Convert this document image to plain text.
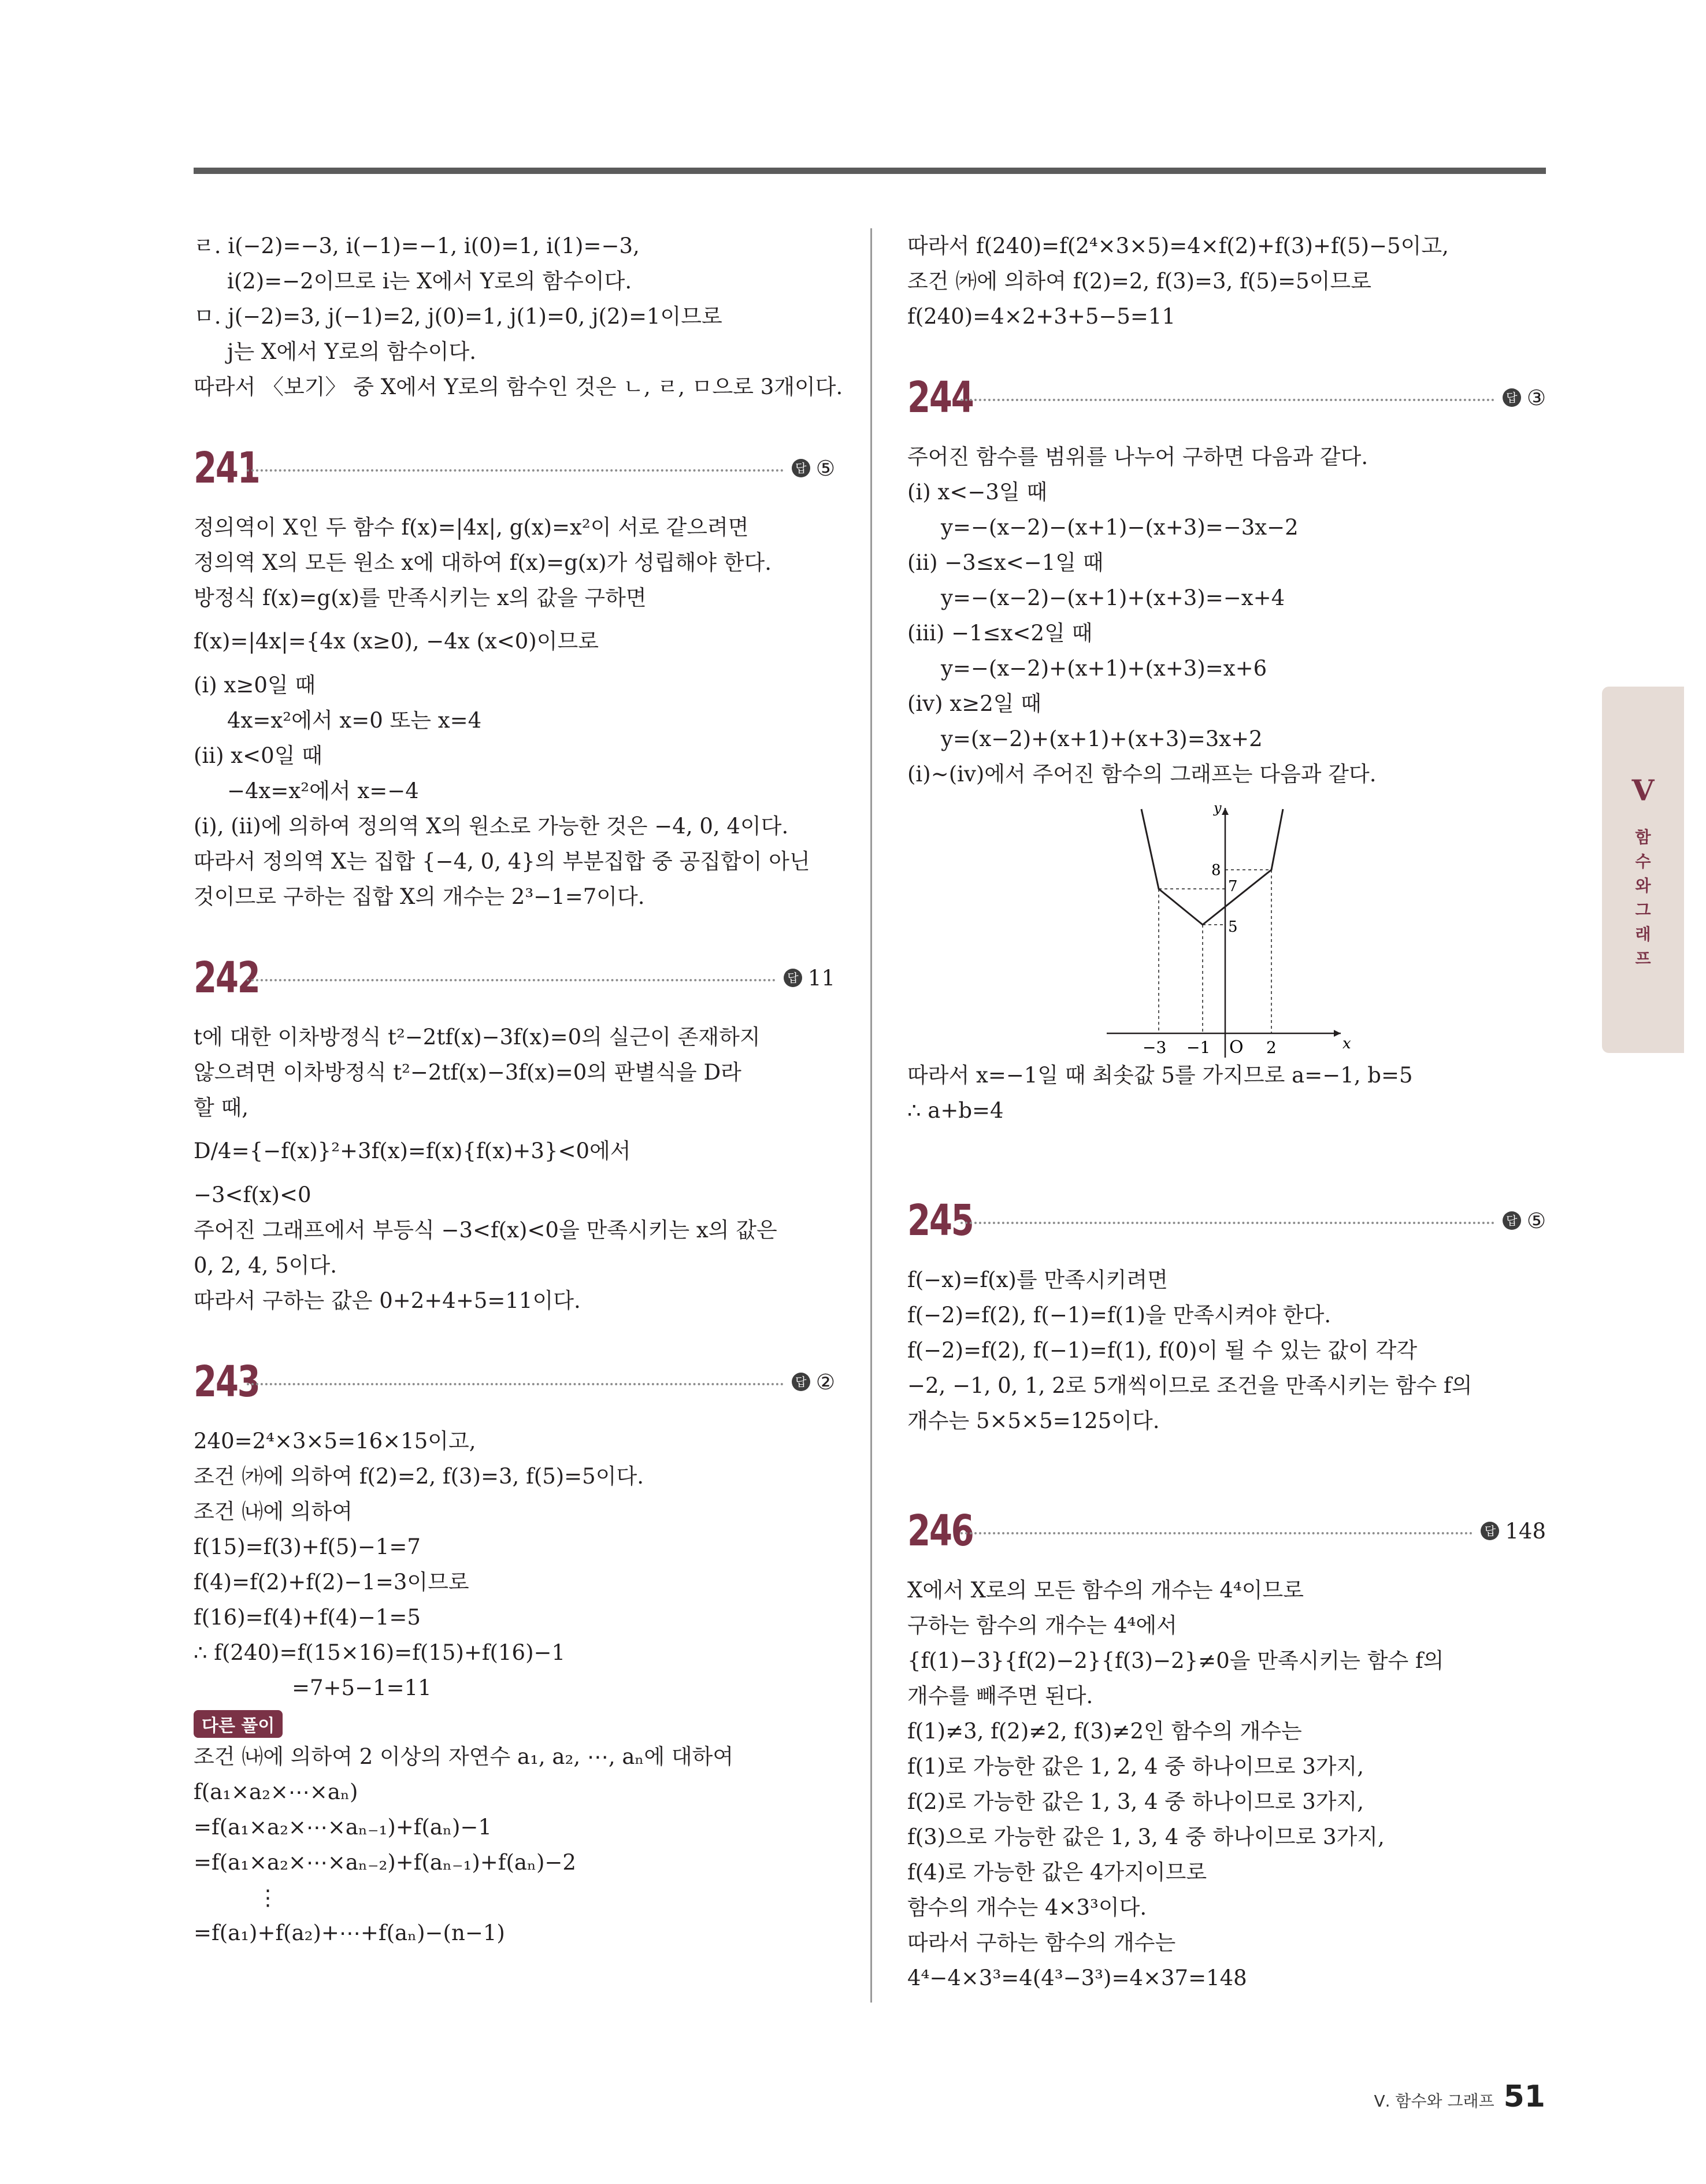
ㄹ. i(−2)=−3, i(−1)=−1, i(0)=1, i(1)=−3,
i(2)=−2이므로 i는 X에서 Y로의 함수이다.
ㅁ. j(−2)=3, j(−1)=2, j(0)=1, j(1)=0, j(2)=1이므로
j는 X에서 Y로의 함수이다.
따라서 〈보기〉 중 X에서 Y로의 함수인 것은 ㄴ, ㄹ, ㅁ으로 3개이다.
241	답 ⑤
정의역이 X인 두 함수 f(x)=|4x|, g(x)=x²이 서로 같으려면
정의역 X의 모든 원소 x에 대하여 f(x)=g(x)가 성립해야 한다.
방정식 f(x)=g(x)를 만족시키는 x의 값을 구하면
f(x)=|4x|={4x (x≥0), −4x (x<0)이므로
(ⅰ) x≥0일 때
4x=x²에서 x=0 또는 x=4
(ⅱ) x<0일 때
−4x=x²에서 x=−4
(ⅰ), (ⅱ)에 의하여 정의역 X의 원소로 가능한 것은 −4, 0, 4이다.
따라서 정의역 X는 집합 {−4, 0, 4}의 부분집합 중 공집합이 아닌
것이므로 구하는 집합 X의 개수는 2³−1=7이다.
242	답 11
t에 대한 이차방정식 t²−2tf(x)−3f(x)=0의 실근이 존재하지
않으려면 이차방정식 t²−2tf(x)−3f(x)=0의 판별식을 D라
할 때,
D/4={−f(x)}²+3f(x)=f(x){f(x)+3}<0에서
−3<f(x)<0
주어진 그래프에서 부등식 −3<f(x)<0을 만족시키는 x의 값은
0, 2, 4, 5이다.
따라서 구하는 값은 0+2+4+5=11이다.
243	답 ②
240=2⁴×3×5=16×15이고,
조건 ㈎에 의하여 f(2)=2, f(3)=3, f(5)=5이다.
조건 ㈏에 의하여
f(15)=f(3)+f(5)−1=7
f(4)=f(2)+f(2)−1=3이므로
f(16)=f(4)+f(4)−1=5
∴ f(240)=f(15×16)=f(15)+f(16)−1
=7+5−1=11
다른 풀이
조건 ㈏에 의하여 2 이상의 자연수 a₁, a₂, ⋯, aₙ에 대하여
f(a₁×a₂×⋯×aₙ)
=f(a₁×a₂×⋯×aₙ₋₁)+f(aₙ)−1
=f(a₁×a₂×⋯×aₙ₋₂)+f(aₙ₋₁)+f(aₙ)−2
⋮
=f(a₁)+f(a₂)+⋯+f(aₙ)−(n−1)
따라서 f(240)=f(2⁴×3×5)=4×f(2)+f(3)+f(5)−5이고,
조건 ㈎에 의하여 f(2)=2, f(3)=3, f(5)=5이므로
f(240)=4×2+3+5−5=11
244	답 ③
주어진 함수를 범위를 나누어 구하면 다음과 같다.
(ⅰ) x<−3일 때
y=−(x−2)−(x+1)−(x+3)=−3x−2
(ⅱ) −3≤x<−1일 때
y=−(x−2)−(x+1)+(x+3)=−x+4
(ⅲ) −1≤x<2일 때
y=−(x−2)+(x+1)+(x+3)=x+6
(ⅳ) x≥2일 때
y=(x−2)+(x+1)+(x+3)=3x+2
(ⅰ)~(ⅳ)에서 주어진 함수의 그래프는 다음과 같다.
y
x
O
−3 −1	2
8
7
5
따라서 x=−1일 때 최솟값 5를 가지므로 a=−1, b=5
∴ a+b=4
245	답 ⑤
f(−x)=f(x)를 만족시키려면
f(−2)=f(2), f(−1)=f(1)을 만족시켜야 한다.
f(−2)=f(2), f(−1)=f(1), f(0)이 될 수 있는 값이 각각
−2, −1, 0, 1, 2로 5개씩이므로 조건을 만족시키는 함수 f의
개수는 5×5×5=125이다.
246	답 148
X에서 X로의 모든 함수의 개수는 4⁴이므로
구하는 함수의 개수는 4⁴에서
{f(1)−3}{f(2)−2}{f(3)−2}≠0을 만족시키는 함수 f의
개수를 빼주면 된다.
f(1)≠3, f(2)≠2, f(3)≠2인 함수의 개수는
f(1)로 가능한 값은 1, 2, 4 중 하나이므로 3가지,
f(2)로 가능한 값은 1, 3, 4 중 하나이므로 3가지,
f(3)으로 가능한 값은 1, 3, 4 중 하나이므로 3가지,
f(4)로 가능한 값은 4가지이므로
함수의 개수는 4×3³이다.
따라서 구하는 함수의 개수는
4⁴−4×3³=4(4³−3³)=4×37=148
V
함
수
와
그
래
프
Ⅴ. 함수와 그래프 51
